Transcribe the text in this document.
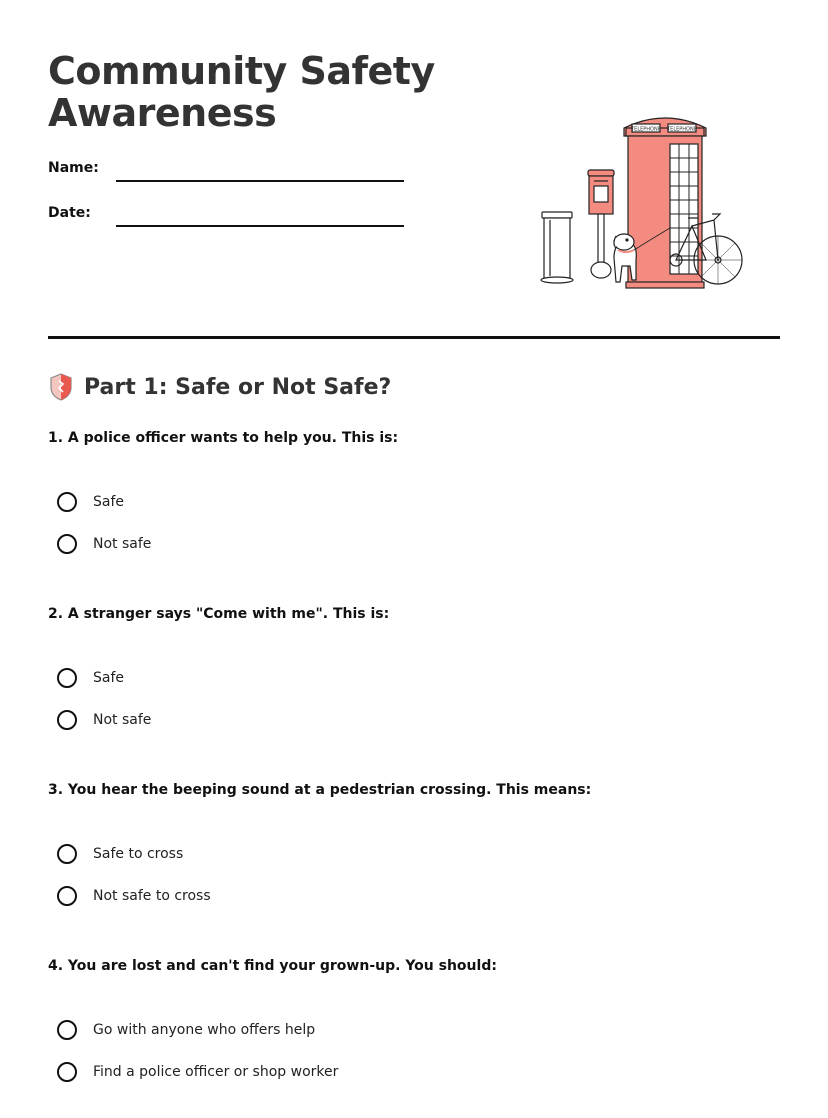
Community Safety
Awareness
Name:
Date:
TELEPHONE TELEPHONE
Part 1: Safe or Not Safe?
1. A police officer wants to help you. This is:
Safe
Not safe
2. A stranger says "Come with me". This is:
Safe
Not safe
3. You hear the beeping sound at a pedestrian crossing. This means:
Safe to cross
Not safe to cross
4. You are lost and can't find your grown-up. You should:
Go with anyone who offers help
Find a police officer or shop worker
